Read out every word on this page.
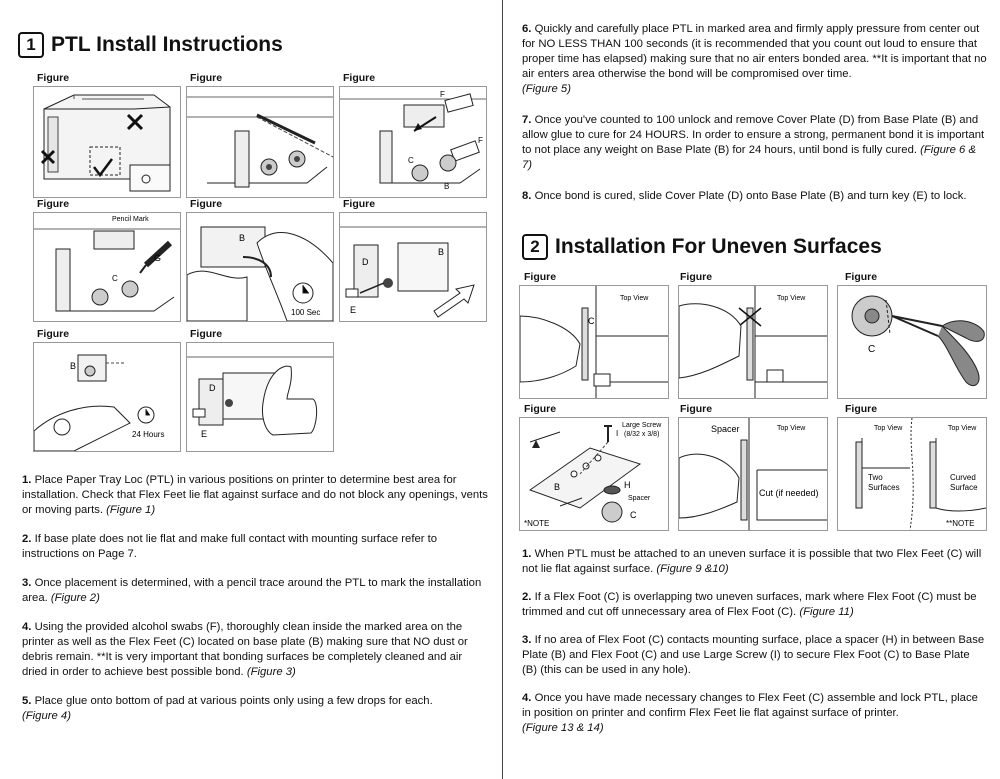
1 PTL Install Instructions
Figure	Figure	Figure
F
F
C
B
Figure
Pencil Mark
C
G
Figure
B
100 Sec
Figure
D
B
E
Figure
B
24 Hours
Figure
D
E

1. Place Paper Tray Loc (PTL) in various positions on printer to determine best area for installation. Check that Flex Feet lie flat against surface and do not block any openings, vents or moving parts. (Figure 1)

2. If base plate does not lie flat and make full contact with mounting surface refer to instructions on Page 7.

3. Once placement is determined, with a pencil trace around the PTL to mark the installation area. (Figure 2)

4. Using the provided alcohol swabs (F), thoroughly clean inside the marked area on the printer as well as the Flex Feet (C) located on base plate (B) making sure that NO dust or debris remain. **It is very important that bonding surfaces be completely cleaned and air dried in order to achieve best possible bond. (Figure 3)

5. Place glue onto bottom of pad at various points only using a few drops for each.
(Figure 4)

6. Quickly and carefully place PTL in marked area and firmly apply pressure from center out for NO LESS THAN 100 seconds (it is recommended that you count out loud to ensure that proper time has elapsed) making sure that no air enters bonded area. **It is important that no air enters area otherwise the bond will be compromised over time.
(Figure 5)

7. Once you've counted to 100 unlock and remove Cover Plate (D) from Base Plate (B) and allow glue to cure for 24 HOURS. In order to ensure a strong, permanent bond it is important to not place any weight on Base Plate (B) for 24 hours, until bond is fully cured. (Figure 6 & 7)

8. Once bond is cured, slide Cover Plate (D) onto Base Plate (B) and turn key (E) to lock.

2 Installation For Uneven Surfaces
Figure
Top View
C
Figure
Top View
Figure
C
Figure
Large Screw
(8/32 x 3/8)
I
B	H
Spacer
C
*NOTE
Figure
Spacer	Top View
Cut (if needed)
Figure
Top View	Top View
Two
Surfaces
Curved
Surface
**NOTE

1. When PTL must be attached to an uneven surface it is possible that two Flex Feet (C) will not lie flat against surface. (Figure 9 &10)

2. If a Flex Foot (C) is overlapping two uneven surfaces, mark where Flex Foot (C) must be trimmed and cut off unnecessary area of Flex Foot (C). (Figure 11)

3. If no area of Flex Foot (C) contacts mounting surface, place a spacer (H) in between Base Plate (B) and Flex Foot (C) and use Large Screw (I) to secure Flex Foot (C) to Base Plate (B) (this can be used in any hole).

4. Once you have made necessary changes to Flex Feet (C) assemble and lock PTL, place in position on printer and confirm Flex Feet lie flat against surface of printer.
(Figure 13 & 14)
